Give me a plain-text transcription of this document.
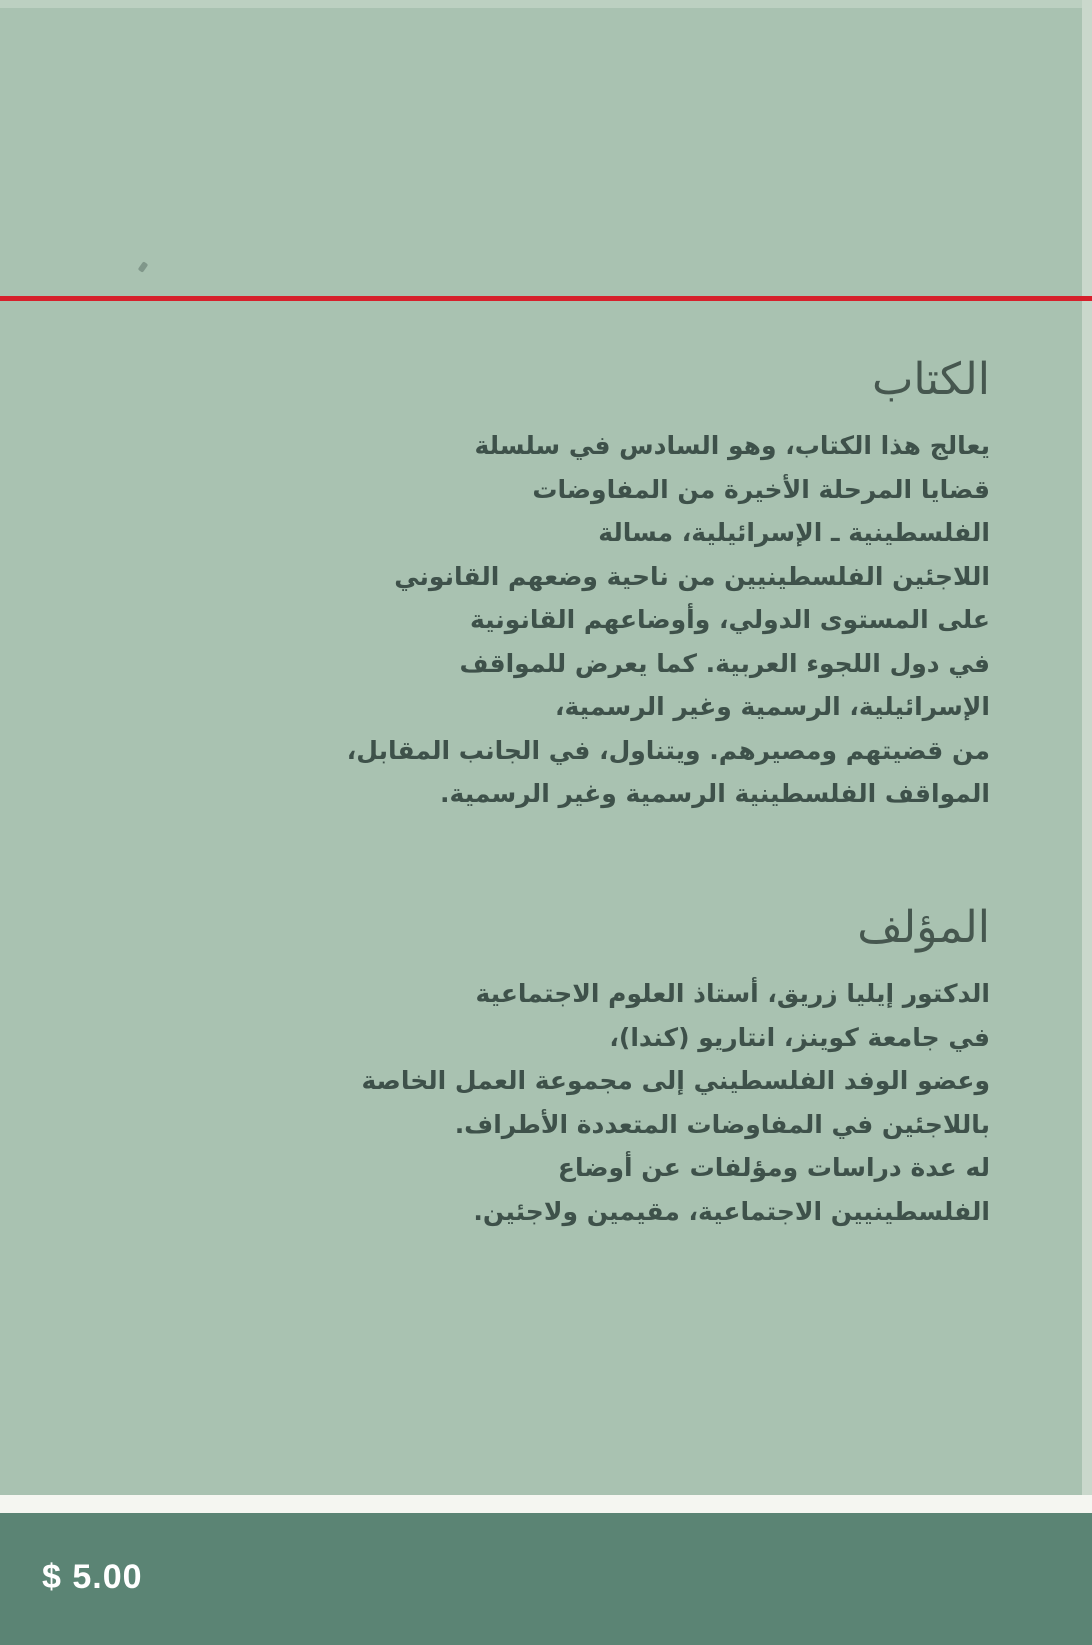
الكتاب
يعالج هذا الكتاب، وهو السادس في سلسلة
قضايا المرحلة الأخيرة من المفاوضات
الفلسطينية ـ الإسرائيلية، مسالة
اللاجئين الفلسطينيين من ناحية وضعهم القانوني
على المستوى الدولي، وأوضاعهم القانونية
في دول اللجوء العربية. كما يعرض للمواقف
الإسرائيلية، الرسمية وغير الرسمية،
من قضيتهم ومصيرهم. ويتناول، في الجانب المقابل،
المواقف الفلسطينية الرسمية وغير الرسمية.
المؤلف
الدكتور إيليا زريق، أستاذ العلوم الاجتماعية
في جامعة كوينز، انتاريو (كندا)،
وعضو الوفد الفلسطيني إلى مجموعة العمل الخاصة
باللاجئين في المفاوضات المتعددة الأطراف.
له عدة دراسات ومؤلفات عن أوضاع
الفلسطينيين الاجتماعية، مقيمين ولاجئين.
$ 5.00
